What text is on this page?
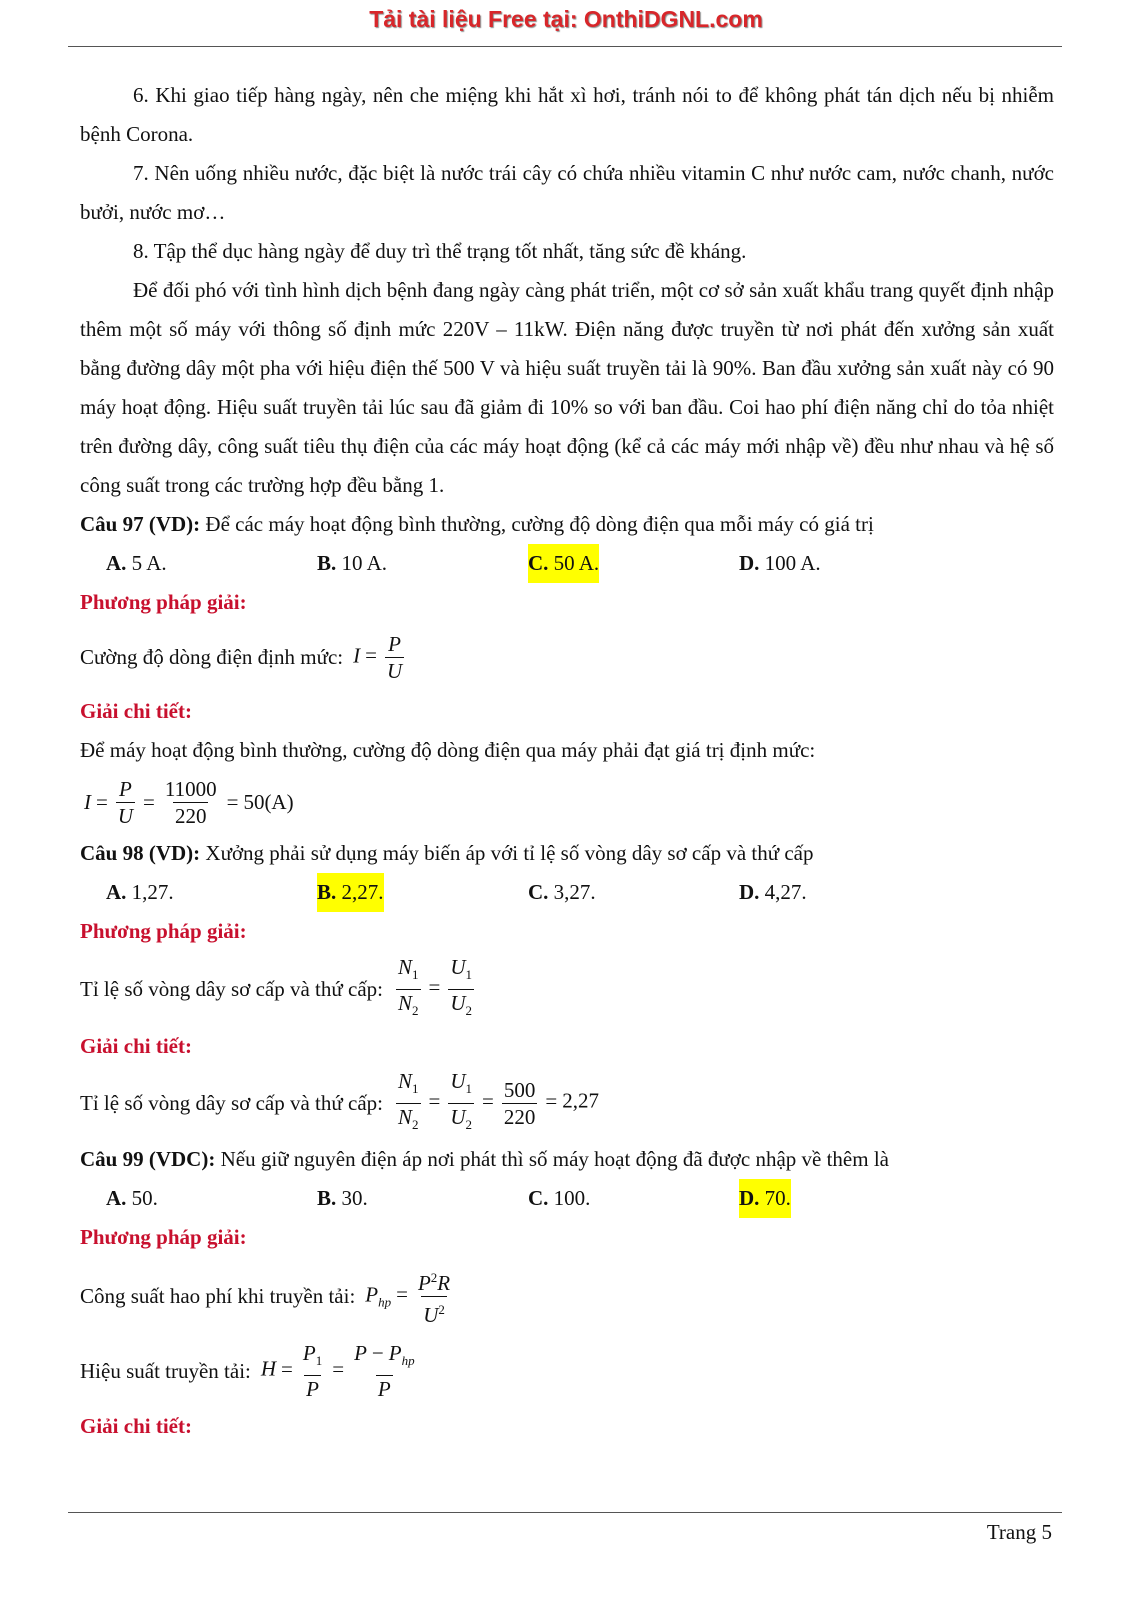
Tải tài liệu Free tại: OnthiDGNL.com

6. Khi giao tiếp hàng ngày, nên che miệng khi hắt xì hơi, tránh nói to để không phát tán dịch nếu bị nhiễm bệnh Corona.

7. Nên uống nhiều nước, đặc biệt là nước trái cây có chứa nhiều vitamin C như nước cam, nước chanh, nước bưởi, nước mơ…

8. Tập thể dục hàng ngày để duy trì thể trạng tốt nhất, tăng sức đề kháng.

Để đối phó với tình hình dịch bệnh đang ngày càng phát triển, một cơ sở sản xuất khẩu trang quyết định nhập thêm một số máy với thông số định mức 220V – 11kW. Điện năng được truyền từ nơi phát đến xưởng sản xuất bằng đường dây một pha với hiệu điện thế 500 V và hiệu suất truyền tải là 90%. Ban đầu xưởng sản xuất này có 90 máy hoạt động. Hiệu suất truyền tải lúc sau đã giảm đi 10% so với ban đầu. Coi hao phí điện năng chỉ do tỏa nhiệt trên đường dây, công suất tiêu thụ điện của các máy hoạt động (kể cả các máy mới nhập về) đều như nhau và hệ số công suất trong các trường hợp đều bằng 1.

Câu 97 (VD): Để các máy hoạt động bình thường, cường độ dòng điện qua mỗi máy có giá trị

A. 5 A.	B. 10 A.	C. 50 A.	D. 100 A.

Phương pháp giải:

Cường độ dòng điện định mức: $I = \frac{P}{U}$

Giải chi tiết:

Để máy hoạt động bình thường, cường độ dòng điện qua máy phải đạt giá trị định mức:

$I = \frac{P}{U} = \frac{11000}{220} = 50(A)$

Câu 98 (VD): Xưởng phải sử dụng máy biến áp với tỉ lệ số vòng dây sơ cấp và thứ cấp

A. 1,27.	B. 2,27.	C. 3,27.	D. 4,27.

Phương pháp giải:

Tỉ lệ số vòng dây sơ cấp và thứ cấp: $\frac{N_1}{N_2} = \frac{U_1}{U_2}$

Giải chi tiết:

Tỉ lệ số vòng dây sơ cấp và thứ cấp: $\frac{N_1}{N_2} = \frac{U_1}{U_2} = \frac{500}{220} = 2,27$

Câu 99 (VDC): Nếu giữ nguyên điện áp nơi phát thì số máy hoạt động đã được nhập về thêm là

A. 50.	B. 30.	C. 100.	D. 70.

Phương pháp giải:

Công suất hao phí khi truyền tải: $P_{hp} = \frac{P^2R}{U^2}$
Hiệu suất truyền tải: $H = \frac{P_1}{P} = \frac{P - P_{hp}}{P}$

Giải chi tiết:

Trang 5
